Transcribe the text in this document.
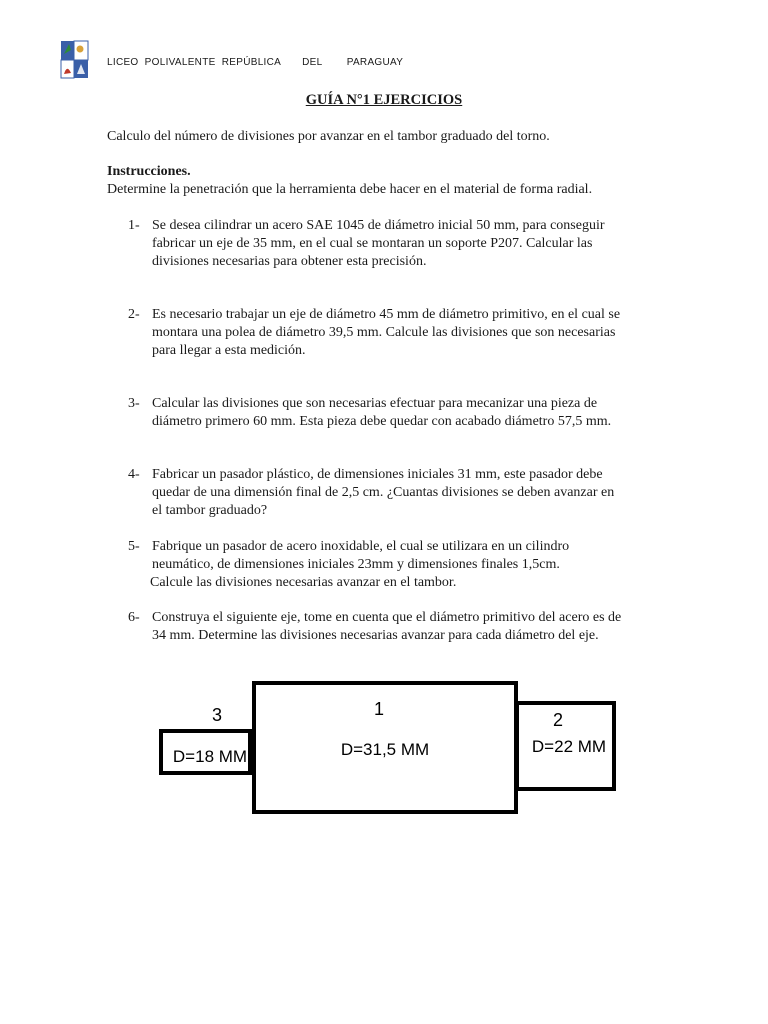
LICEO  POLIVALENTE  REPÚBLICA       DEL        PARAGUAY
GUÍA N°1 EJERCICIOS
Calculo del número de divisiones por avanzar en el tambor graduado del torno.
Instrucciones.
Determine la penetración que la herramienta debe hacer en el material de forma radial.
1- Se desea cilindrar un acero SAE 1045 de diámetro inicial 50 mm, para conseguir
fabricar un eje de 35 mm, en el cual se montaran un soporte P207. Calcular las
divisiones necesarias para obtener esta precisión.
2- Es necesario trabajar un eje de diámetro 45 mm de diámetro primitivo, en el cual se
montara una polea de diámetro 39,5 mm. Calcule las divisiones que son necesarias
para llegar a esta medición.
3- Calcular las divisiones que son necesarias efectuar para mecanizar una pieza de
diámetro primero 60 mm. Esta pieza debe quedar con acabado diámetro 57,5 mm.
4- Fabricar un pasador plástico, de dimensiones iniciales 31 mm, este pasador debe
quedar de una dimensión final de 2,5 cm. ¿Cuantas divisiones se deben avanzar en
el tambor graduado?
5- Fabrique un pasador de acero inoxidable, el cual se utilizara en un cilindro
neumático, de dimensiones iniciales 23mm y dimensiones finales 1,5cm.
Calcule las divisiones necesarias avanzar en el tambor.
6- Construya el siguiente eje, tome en cuenta que el diámetro primitivo del acero es de
34 mm. Determine las divisiones necesarias avanzar para cada diámetro del eje.
3
D=18 MM
1
D=31,5 MM
2
D=22 MM
